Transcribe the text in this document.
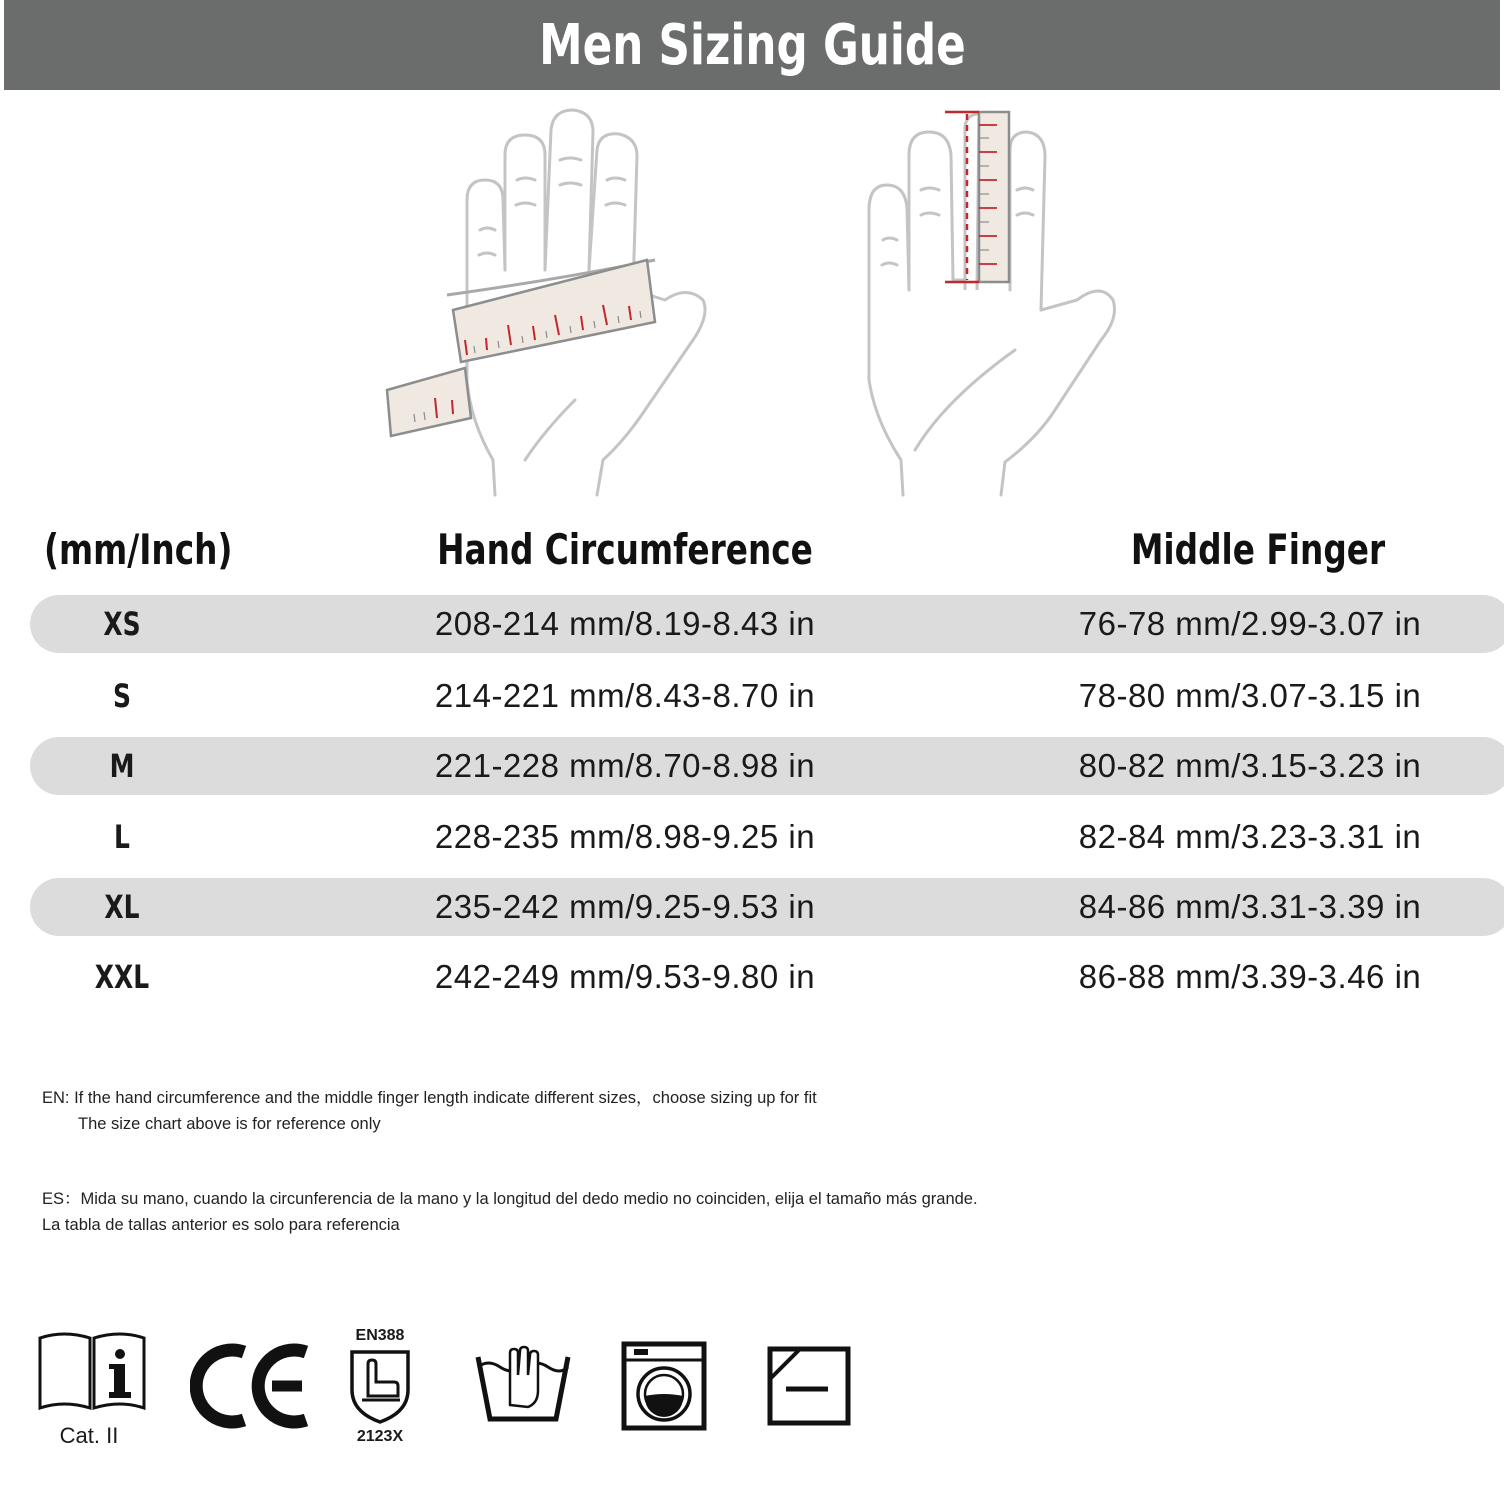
Men Sizing Guide
(mm/Inch)	Hand Circumference	Middle Finger
XS	208-214 mm/8.19-8.43 in	76-78 mm/2.99-3.07 in
S	214-221 mm/8.43-8.70 in	78-80 mm/3.07-3.15 in
M	221-228 mm/8.70-8.98 in	80-82 mm/3.15-3.23 in
L	228-235 mm/8.98-9.25 in	82-84 mm/3.23-3.31 in
XL	235-242 mm/9.25-9.53 in	84-86 mm/3.31-3.39 in
XXL	242-249 mm/9.53-9.80 in	86-88 mm/3.39-3.46 in

EN: If the hand circumference and the middle finger length indicate different sizes，choose sizing up for fit

The size chart above is for reference only

ES：Mida su mano, cuando la circunferencia de la mano y la longitud del dedo medio no coinciden, elija el tamaño más grande.

La tabla de tallas anterior es solo para referencia

Cat. II
EN388
2123X
